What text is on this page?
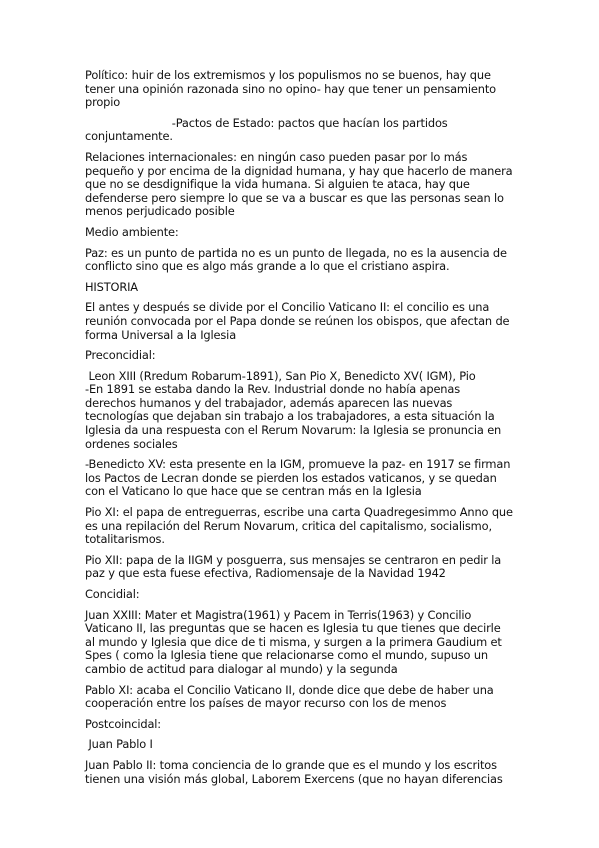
Político: huir de los extremismos y los populismos no se buenos, hay que
tener una opinión razonada sino no opino- hay que tener un pensamiento
propio
-Pactos de Estado: pactos que hacían los partidos
conjuntamente.
Relaciones internacionales: en ningún caso pueden pasar por lo más
pequeño y por encima de la dignidad humana, y hay que hacerlo de manera
que no se desdignifique la vida humana. Si alguien te ataca, hay que
defenderse pero siempre lo que se va a buscar es que las personas sean lo
menos perjudicado posible
Medio ambiente:
Paz: es un punto de partida no es un punto de llegada, no es la ausencia de
conflicto sino que es algo más grande a lo que el cristiano aspira.
HISTORIA
El antes y después se divide por el Concilio Vaticano II: el concilio es una
reunión convocada por el Papa donde se reúnen los obispos, que afectan de
forma Universal a la Iglesia
Preconcidial:
Leon XIII (Rredum Robarum-1891), San Pio X, Benedicto XV( IGM), Pio
-En 1891 se estaba dando la Rev. Industrial donde no había apenas
derechos humanos y del trabajador, además aparecen las nuevas
tecnologías que dejaban sin trabajo a los trabajadores, a esta situación la
Iglesia da una respuesta con el Rerum Novarum: la Iglesia se pronuncia en
ordenes sociales
-Benedicto XV: esta presente en la IGM, promueve la paz- en 1917 se firman
los Pactos de Lecran donde se pierden los estados vaticanos, y se quedan
con el Vaticano lo que hace que se centran más en la Iglesia
Pio XI: el papa de entreguerras, escribe una carta Quadregesimmo Anno que
es una repilación del Rerum Novarum, critica del capitalismo, socialismo,
totalitarismos.
Pio XII: papa de la IIGM y posguerra, sus mensajes se centraron en pedir la
paz y que esta fuese efectiva, Radiomensaje de la Navidad 1942
Concidial:
Juan XXIII: Mater et Magistra(1961) y Pacem in Terris(1963) y Concilio
Vaticano II, las preguntas que se hacen es Iglesia tu que tienes que decirle
al mundo y Iglesia que dice de ti misma, y surgen a la primera Gaudium et
Spes ( como la Iglesia tiene que relacionarse como el mundo, supuso un
cambio de actitud para dialogar al mundo) y la segunda
Pablo XI: acaba el Concilio Vaticano II, donde dice que debe de haber una
cooperación entre los países de mayor recurso con los de menos
Postcoincidal:
Juan Pablo I
Juan Pablo II: toma conciencia de lo grande que es el mundo y los escritos
tienen una visión más global, Laborem Exercens (que no hayan diferencias
